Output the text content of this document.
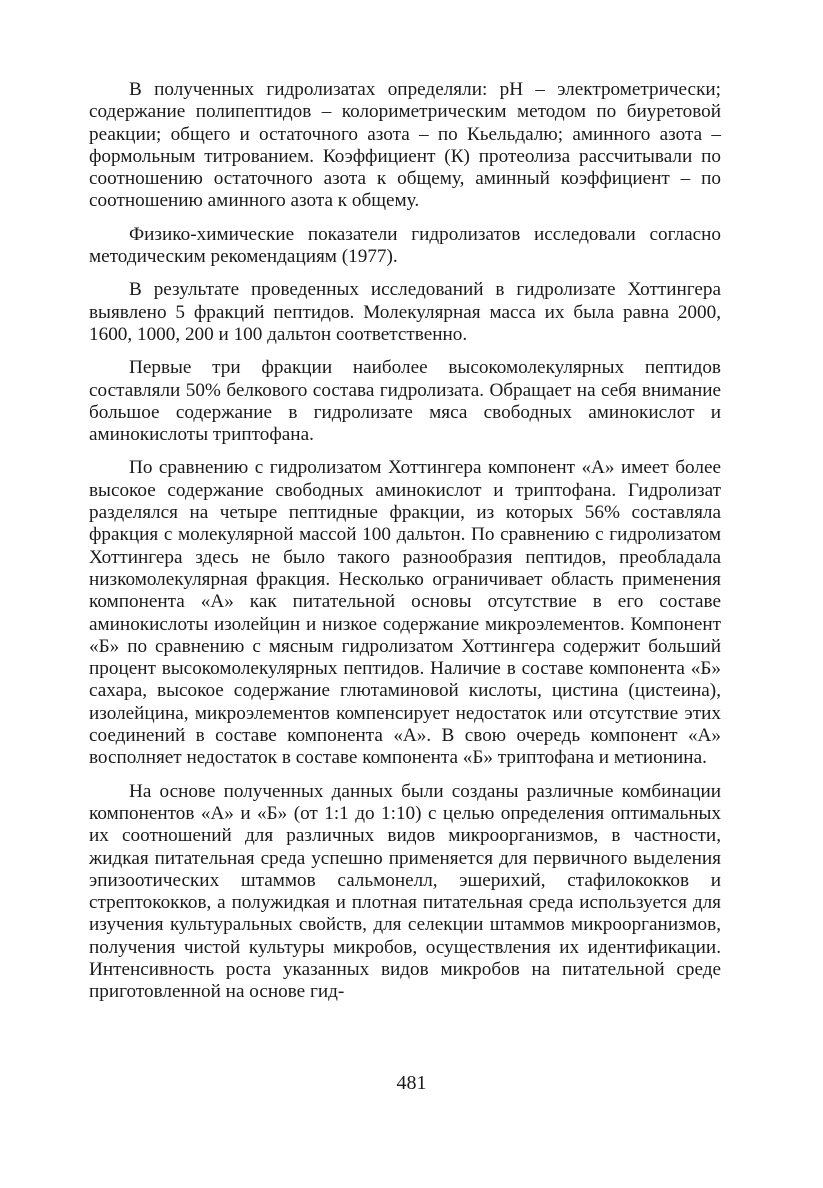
В полученных гидролизатах определяли: pH – электрометрически; содержание полипептидов – колориметрическим методом по биуретовой реакции; общего и остаточного азота – по Кьельдалю; аминного азота – формольным титрованием. Коэффициент (К) протеолиза рассчитывали по соотношению остаточного азота к общему, аминный коэффициент – по соотношению аминного азота к общему.

Физико-химические показатели гидролизатов исследовали согласно методическим рекомендациям (1977).

В результате проведенных исследований в гидролизате Хоттингера выявлено 5 фракций пептидов. Молекулярная масса их была равна 2000, 1600, 1000, 200 и 100 дальтон соответственно.

Первые три фракции наиболее высокомолекулярных пептидов составляли 50% белкового состава гидролизата. Обращает на себя внимание большое содержание в гидролизате мяса свободных аминокислот и аминокислоты триптофана.

По сравнению с гидролизатом Хоттингера компонент «А» имеет более высокое содержание свободных аминокислот и триптофана. Гидролизат разделялся на четыре пептидные фракции, из которых 56% составляла фракция с молекулярной массой 100 дальтон. По сравнению с гидролизатом Хоттингера здесь не было такого разнообразия пептидов, преобладала низкомолекулярная фракция. Несколько ограничивает область применения компонента «А» как питательной основы отсутствие в его составе аминокислоты изолейцин и низкое содержание микроэлементов. Компонент «Б» по сравнению с мясным гидролизатом Хоттингера содержит больший процент высокомолекулярных пептидов. Наличие в составе компонента «Б» сахара, высокое содержание глютаминовой кислоты, цистина (цистеина), изолейцина, микроэлементов компенсирует недостаток или отсутствие этих соединений в составе компонента «А». В свою очередь компонент «А» восполняет недостаток в составе компонента «Б» триптофана и метионина.

На основе полученных данных были созданы различные комбинации компонентов «А» и «Б» (от 1:1 до 1:10) с целью определения оптимальных их соотношений для различных видов микроорганизмов, в частности, жидкая питательная среда успешно применяется для первичного выделения эпизоотических штаммов сальмонелл, эшерихий, стафилококков и стрептококков, а полужидкая и плотная питательная среда используется для изучения культуральных свойств, для селекции штаммов микроорганизмов, получения чистой культуры микробов, осуществления их идентификации. Интенсивность роста указанных видов микробов на питательной среде приготовленной на основе гид-

481
